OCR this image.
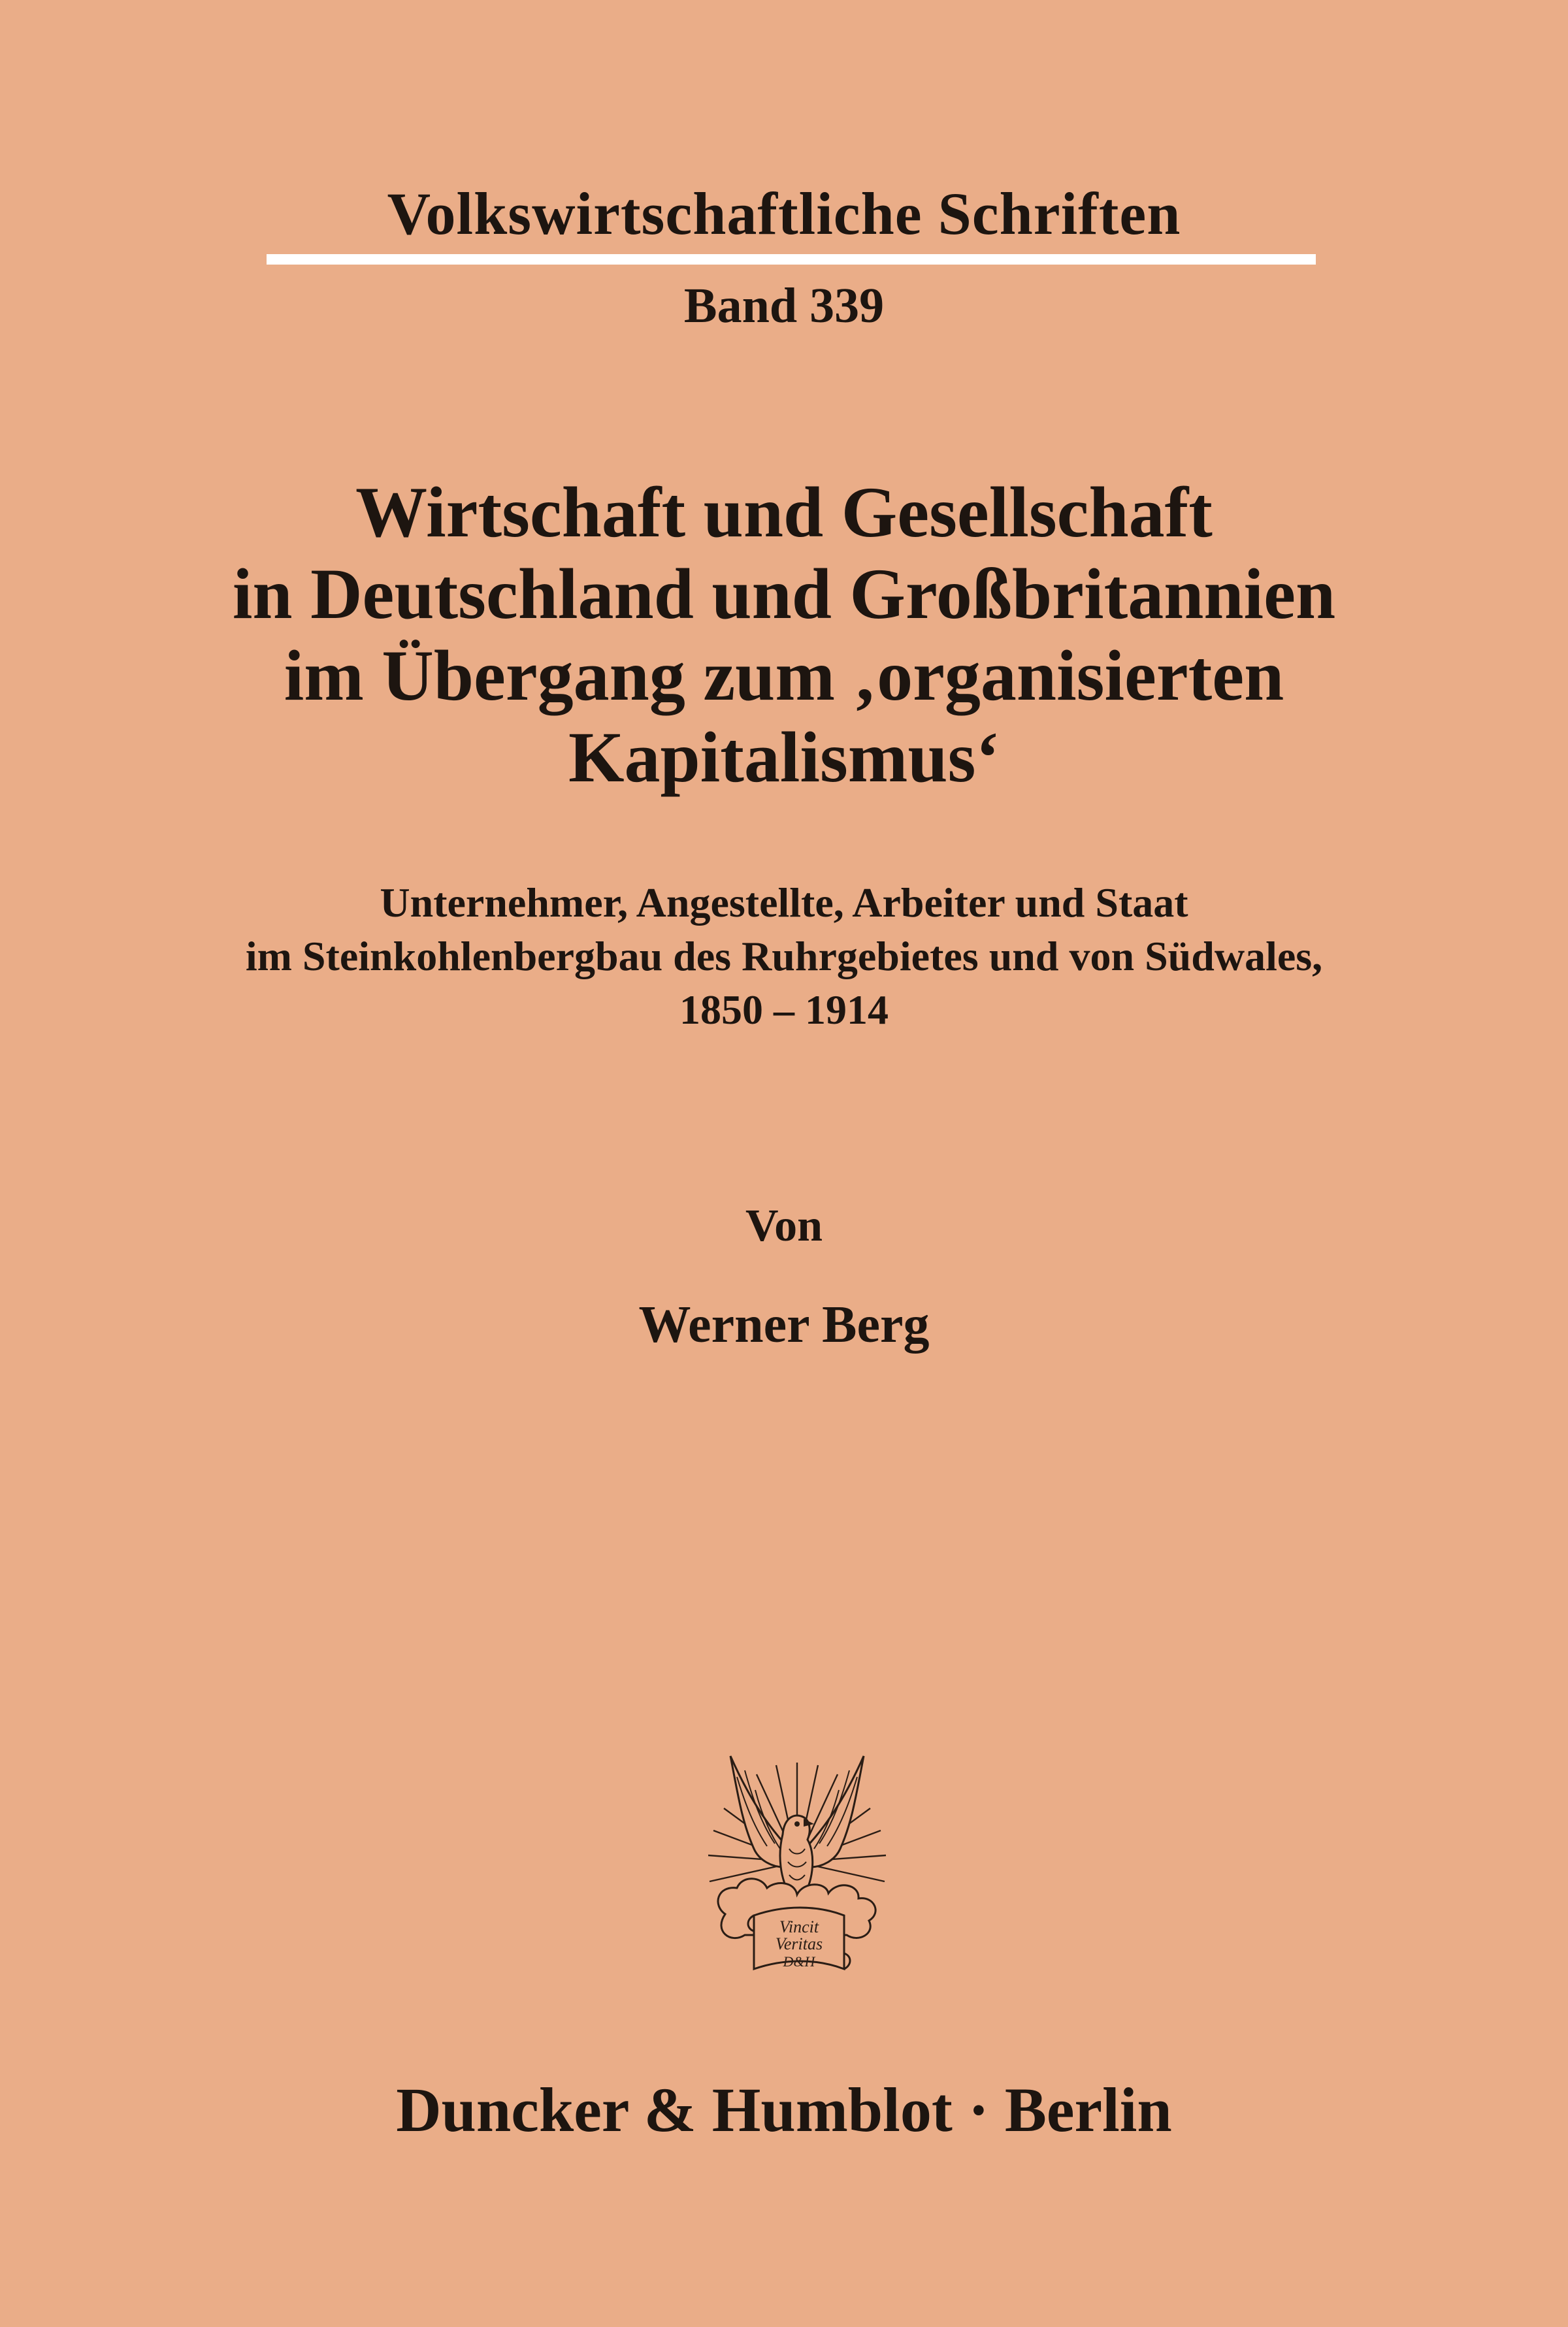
Volkswirtschaftliche Schriften
Band 339
Wirtschaft und Gesellschaft
in Deutschland und Großbritannien
im Übergang zum ‚organisierten
Kapitalismus‘
Unternehmer, Angestellte, Arbeiter und Staat
im Steinkohlenbergbau des Ruhrgebietes und von Südwales,
1850 – 1914
Von
Werner Berg
Vincit
Veritas
D&H
Duncker & Humblot · Berlin
